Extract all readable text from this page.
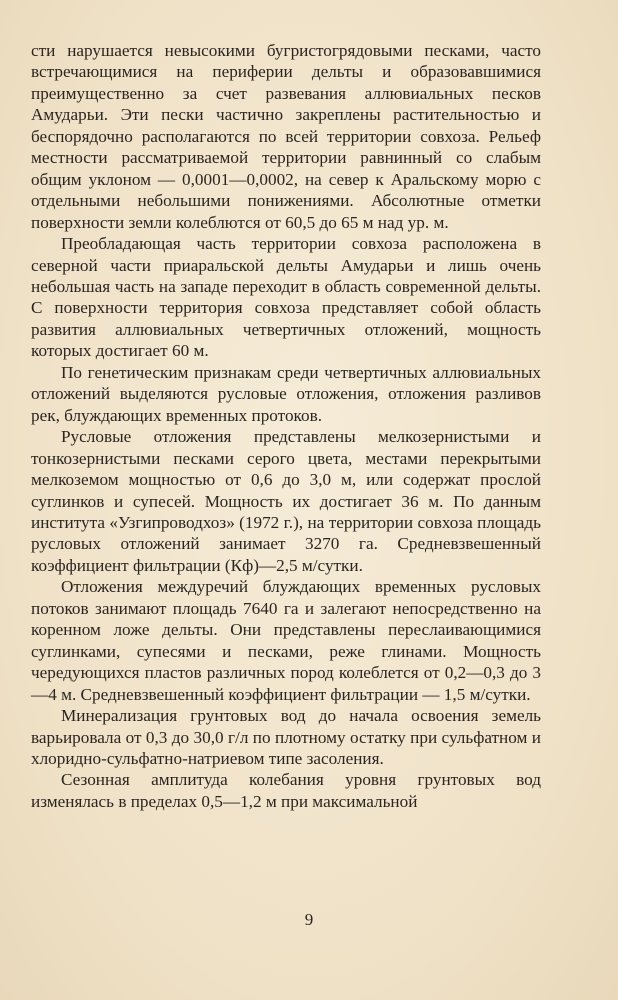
сти нарушается невысокими бугристогрядовыми песками, часто встречающимися на периферии дельты и образовавшимися преимущественно за счет развевания аллювиальных песков Амударьи. Эти пески частично закреплены растительностью и беспорядочно располагаются по всей территории совхоза. Рельеф местности рассматриваемой территории равнинный со слабым общим уклоном — 0,0001—0,0002, на север к Аральскому морю с отдельными небольшими понижениями. Абсолютные отметки поверхности земли колеблются от 60,5 до 65 м над ур. м.

Преобладающая часть территории совхоза расположена в северной части приаральской дельты Амударьи и лишь очень небольшая часть на западе переходит в область современной дельты. С поверхности территория совхоза представляет собой область развития аллювиальных четвертичных отложений, мощность которых достигает 60 м.

По генетическим признакам среди четвертичных аллювиальных отложений выделяются русловые отложения, отложения разливов рек, блуждающих временных протоков.

Русловые отложения представлены мелкозернистыми и тонкозернистыми песками серого цвета, местами перекрытыми мелкоземом мощностью от 0,6 до 3,0 м, или содержат прослой суглинков и супесей. Мощность их достигает 36 м. По данным института «Узгипроводхоз» (1972 г.), на территории совхоза площадь русловых отложений занимает 3270 га. Средневзвешенный коэффициент фильтрации (Кф)—2,5 м/сутки.

Отложения междуречий блуждающих временных русловых потоков занимают площадь 7640 га и залегают непосредственно на коренном ложе дельты. Они представлены переслаивающимися суглинками, супесями и песками, реже глинами. Мощность чередующихся пластов различных пород колеблется от 0,2—0,3 до 3—4 м. Средневзвешенный коэффициент фильтрации — 1,5 м/сутки.

Минерализация грунтовых вод до начала освоения земель варьировала от 0,3 до 30,0 г/л по плотному остатку при сульфатном и хлоридно-сульфатно-натриевом типе засоления.

Сезонная амплитуда колебания уровня грунтовых вод изменялась в пределах 0,5—1,2 м при максимальной

9
